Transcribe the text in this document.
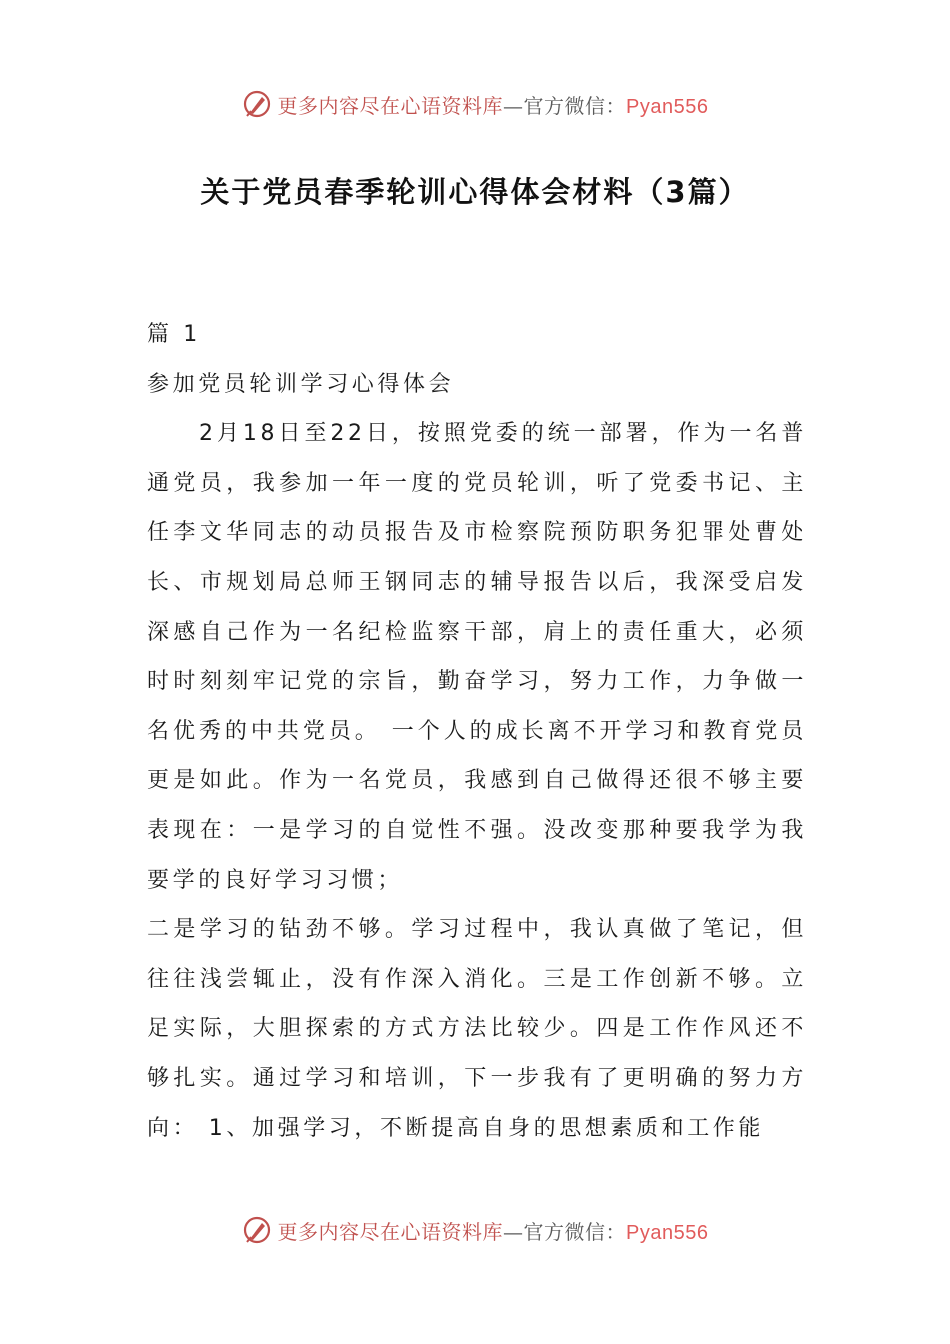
更多内容尽在心语资料库—官方微信：Pyan556
关于党员春季轮训心得体会材料（3篇）

篇 1

参加党员轮训学习心得体会

2月18日至22日，按照党委的统一部署，作为一名普通党员，我参加一年一度的党员轮训，听了党委书记、主任李文华同志的动员报告及市检察院预防职务犯罪处曹处长、市规划局总师王钢同志的辅导报告以后，我深受启发深感自己作为一名纪检监察干部，肩上的责任重大，必须时时刻刻牢记党的宗旨，勤奋学习，努力工作，力争做一名优秀的中共党员。 一个人的成长离不开学习和教育党员更是如此。作为一名党员，我感到自己做得还很不够主要表现在：一是学习的自觉性不强。没改变那种要我学为我要学的良好学习习惯；

二是学习的钻劲不够。学习过程中，我认真做了笔记，但往往浅尝辄止，没有作深入消化。三是工作创新不够。立足实际，大胆探索的方式方法比较少。四是工作作风还不够扎实。通过学习和培训，下一步我有了更明确的努力方向： 1、加强学习，不断提高自身的思想素质和工作能

更多内容尽在心语资料库—官方微信：Pyan556
